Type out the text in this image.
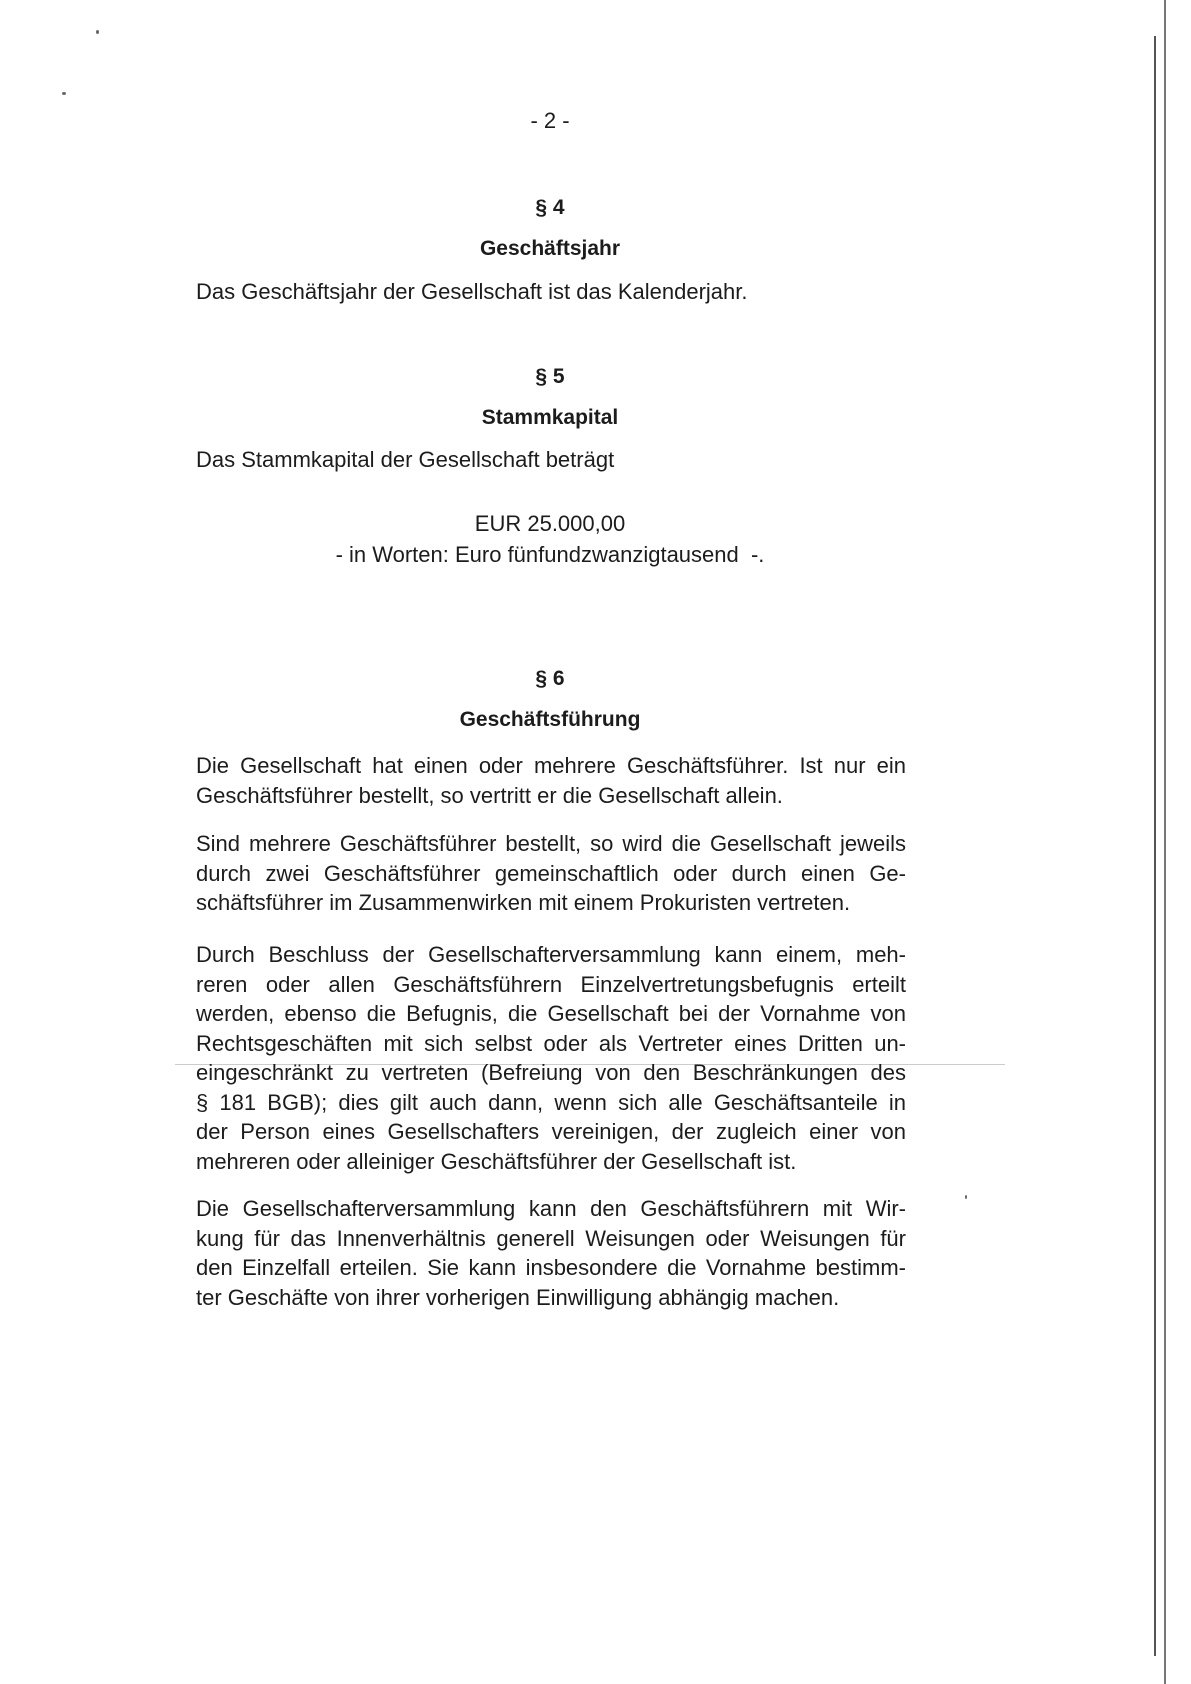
- 2 -
§ 4
Geschäftsjahr
Das Geschäftsjahr der Gesellschaft ist das Kalenderjahr.
§ 5
Stammkapital
Das Stammkapital der Gesellschaft beträgt
EUR 25.000,00
- in Worten: Euro fünfundzwanzigtausend  -.
§ 6
Geschäftsführung
Die Gesellschaft hat einen oder mehrere Geschäftsführer. Ist nur ein
Geschäftsführer bestellt, so vertritt er die Gesellschaft allein.
Sind mehrere Geschäftsführer bestellt, so wird die Gesellschaft jeweils
durch zwei Geschäftsführer gemeinschaftlich oder durch einen Ge-
schäftsführer im Zusammenwirken mit einem Prokuristen vertreten.
Durch Beschluss der Gesellschafterversammlung kann einem, meh-
reren oder allen Geschäftsführern Einzelvertretungsbefugnis erteilt
werden, ebenso die Befugnis, die Gesellschaft bei der Vornahme von
Rechtsgeschäften mit sich selbst oder als Vertreter eines Dritten un-
eingeschränkt zu vertreten (Befreiung von den Beschränkungen des
§ 181 BGB); dies gilt auch dann, wenn sich alle Geschäftsanteile in
der Person eines Gesellschafters vereinigen, der zugleich einer von
mehreren oder alleiniger Geschäftsführer der Gesellschaft ist.
Die Gesellschafterversammlung kann den Geschäftsführern mit Wir-
kung für das Innenverhältnis generell Weisungen oder Weisungen für
den Einzelfall erteilen. Sie kann insbesondere die Vornahme bestimm-
ter Geschäfte von ihrer vorherigen Einwilligung abhängig machen.
